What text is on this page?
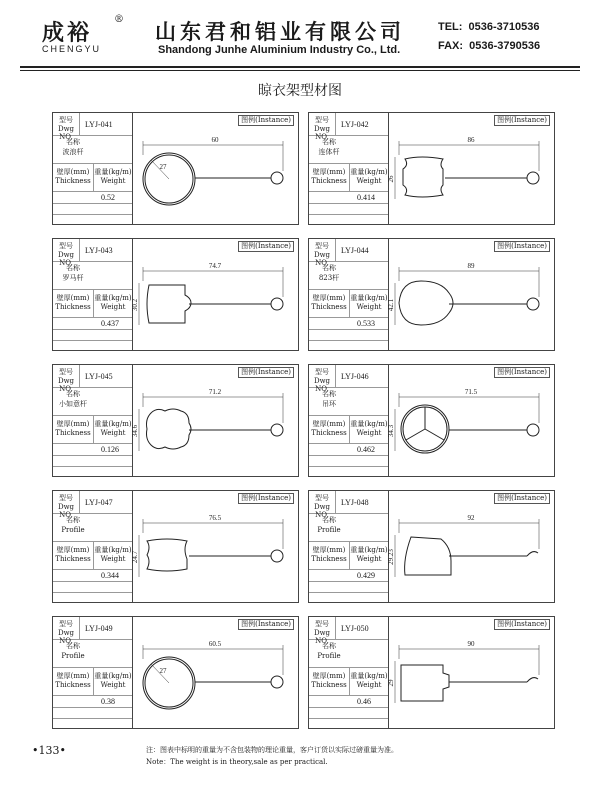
成裕
®
CHENGYU
山东君和铝业有限公司
Shandong Junhe Aluminium Industry Co., Ltd.
TEL:  0536-3710536
FAX:  0536-3790536
晾衣架型材图
型号
Dwg NO.
LYJ-041
名称
波浪杆
壁厚(mm)
Thickness
重量(kg/m)
Weight
0.52
图例(Instance)
60
27
型号
Dwg NO.
LYJ-042
名称
连体杆
壁厚(mm)
Thickness
重量(kg/m)
Weight
0.414
图例(Instance)
86
26
型号
Dwg NO.
LYJ-043
名称
罗马杆
壁厚(mm)
Thickness
重量(kg/m)
Weight
0.437
图例(Instance)
74.7
30.2
型号
Dwg NO.
LYJ-044
名称
823杆
壁厚(mm)
Thickness
重量(kg/m)
Weight
0.533
图例(Instance)
89
42.1
型号
Dwg NO.
LYJ-045
名称
小如意杆
壁厚(mm)
Thickness
重量(kg/m)
Weight
0.126
图例(Instance)
71.2
34.6
型号
Dwg NO.
LYJ-046
名称
吊环
壁厚(mm)
Thickness
重量(kg/m)
Weight
0.462
图例(Instance)
71.5
34.3
型号
Dwg NO.
LYJ-047
名称
Profile
壁厚(mm)
Thickness
重量(kg/m)
Weight
0.344
图例(Instance)
76.5
24.7
型号
Dwg NO.
LYJ-048
名称
Profile
壁厚(mm)
Thickness
重量(kg/m)
Weight
0.429
图例(Instance)
92
29.23
型号
Dwg NO.
LYJ-049
名称
Profile
壁厚(mm)
Thickness
重量(kg/m)
Weight
0.38
图例(Instance)
60.5
27
型号
Dwg NO.
LYJ-050
名称
Profile
壁厚(mm)
Thickness
重量(kg/m)
Weight
0.46
图例(Instance)
90
29
•133•	注：图表中标明的重量为不含包装物的理论重量，客户订货以实际过磅重量为准。
Note：The weight is in theory,sale as per practical.
